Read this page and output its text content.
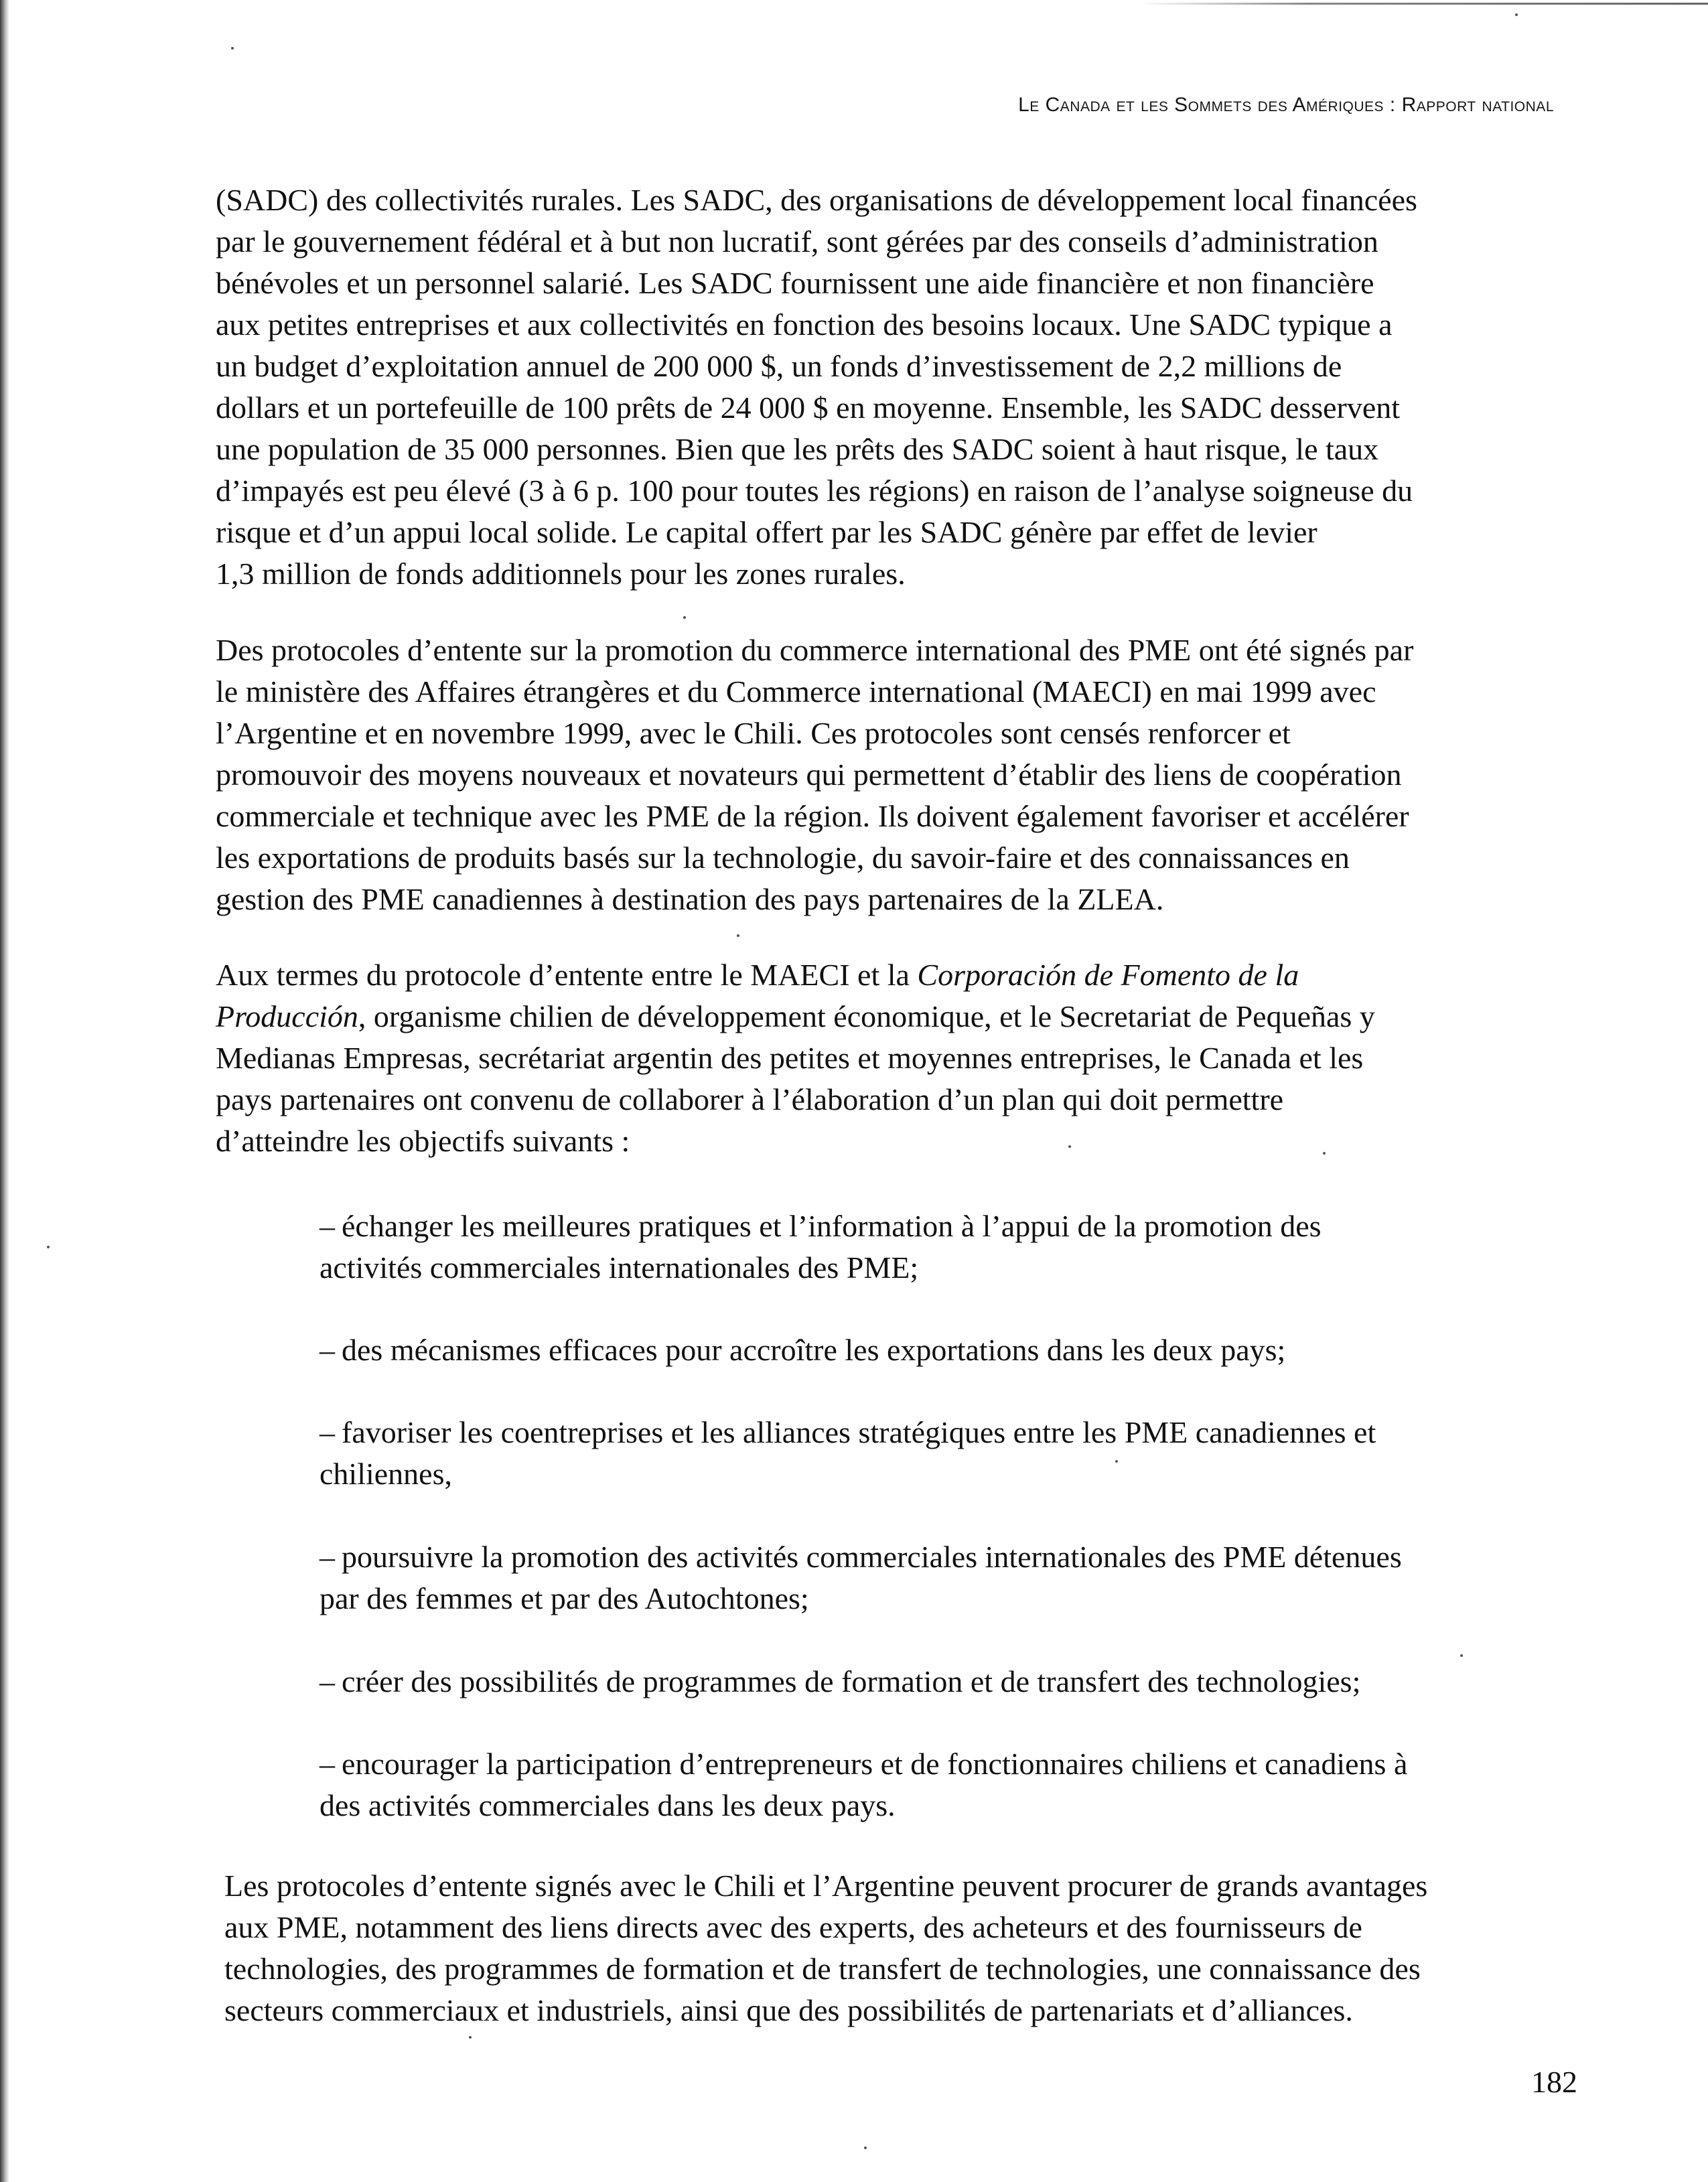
Le Canada et les Sommets des Amériques : Rapport national

(SADC) des collectivités rurales. Les SADC, des organisations de développement local financées
par le gouvernement fédéral et à but non lucratif, sont gérées par des conseils d’administration
bénévoles et un personnel salarié. Les SADC fournissent une aide financière et non financière
aux petites entreprises et aux collectivités en fonction des besoins locaux. Une SADC typique a
un budget d’exploitation annuel de 200 000 $, un fonds d’investissement de 2,2 millions de
dollars et un portefeuille de 100 prêts de 24 000 $ en moyenne. Ensemble, les SADC desservent
une population de 35 000 personnes. Bien que les prêts des SADC soient à haut risque, le taux
d’impayés est peu élevé (3 à 6 p. 100 pour toutes les régions) en raison de l’analyse soigneuse du
risque et d’un appui local solide. Le capital offert par les SADC génère par effet de levier
1,3 million de fonds additionnels pour les zones rurales.

Des protocoles d’entente sur la promotion du commerce international des PME ont été signés par
le ministère des Affaires étrangères et du Commerce international (MAECI) en mai 1999 avec
l’Argentine et en novembre 1999, avec le Chili. Ces protocoles sont censés renforcer et
promouvoir des moyens nouveaux et novateurs qui permettent d’établir des liens de coopération
commerciale et technique avec les PME de la région. Ils doivent également favoriser et accélérer
les exportations de produits basés sur la technologie, du savoir-faire et des connaissances en
gestion des PME canadiennes à destination des pays partenaires de la ZLEA.

Aux termes du protocole d’entente entre le MAECI et la Corporación de Fomento de la
Producción, organisme chilien de développement économique, et le Secretariat de Pequeñas y
Medianas Empresas, secrétariat argentin des petites et moyennes entreprises, le Canada et les
pays partenaires ont convenu de collaborer à l’élaboration d’un plan qui doit permettre
d’atteindre les objectifs suivants :

– échanger les meilleures pratiques et l’information à l’appui de la promotion des
activités commerciales internationales des PME;
– des mécanismes efficaces pour accroître les exportations dans les deux pays;
– favoriser les coentreprises et les alliances stratégiques entre les PME canadiennes et
chiliennes,
– poursuivre la promotion des activités commerciales internationales des PME détenues
par des femmes et par des Autochtones;
– créer des possibilités de programmes de formation et de transfert des technologies;
– encourager la participation d’entrepreneurs et de fonctionnaires chiliens et canadiens à
des activités commerciales dans les deux pays.

Les protocoles d’entente signés avec le Chili et l’Argentine peuvent procurer de grands avantages
aux PME, notamment des liens directs avec des experts, des acheteurs et des fournisseurs de
technologies, des programmes de formation et de transfert de technologies, une connaissance des
secteurs commerciaux et industriels, ainsi que des possibilités de partenariats et d’alliances.

182
